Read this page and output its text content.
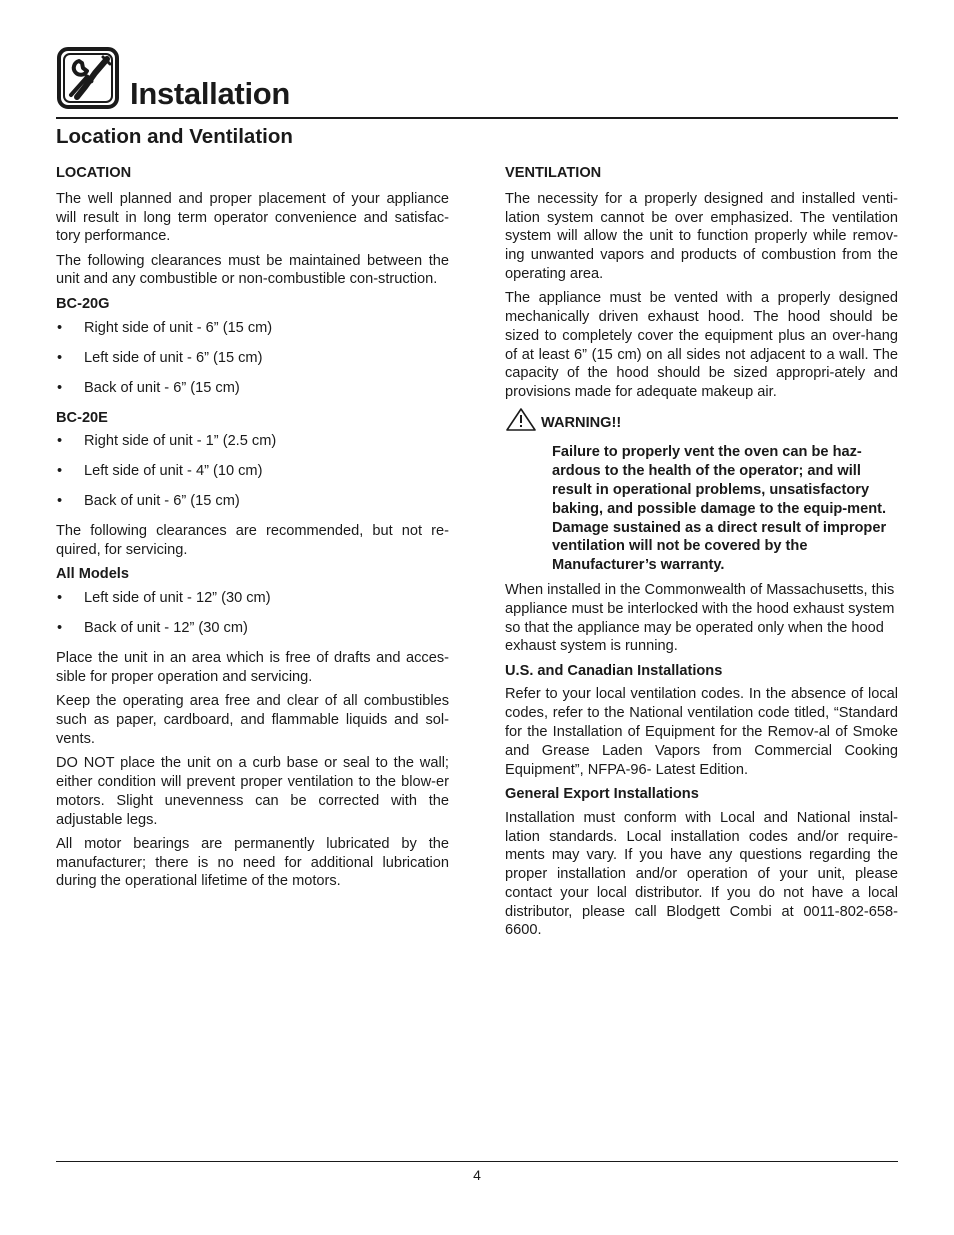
Installation
Location and Ventilation
LOCATION

The well planned and proper placement of your appliance will result in long term operator convenience and satisfac-tory performance.

The following clearances must be maintained between the unit and any combustible or non-combustible con-struction.

BC-20G
• Right side of unit - 6” (15 cm)
• Left side of unit - 6” (15 cm)
• Back of unit - 6” (15 cm)
BC-20E
• Right side of unit - 1” (2.5 cm)
• Left side of unit - 4” (10 cm)
• Back of unit - 6” (15 cm)

The following clearances are recommended, but not re-quired, for servicing.

All Models
• Left side of unit - 12” (30 cm)
• Back of unit - 12” (30 cm)

Place the unit in an area which is free of drafts and acces-sible for proper operation and servicing.

Keep the operating area free and clear of all combustibles such as paper, cardboard, and flammable liquids and sol-vents.

DO NOT place the unit on a curb base or seal to the wall; either condition will prevent proper ventilation to the blow-er motors. Slight unevenness can be corrected with the adjustable legs.

All motor bearings are permanently lubricated by the manufacturer; there is no need for additional lubrication during the operational lifetime of the motors.

VENTILATION

The necessity for a properly designed and installed venti-lation system cannot be over emphasized. The ventilation system will allow the unit to function properly while remov-ing unwanted vapors and products of combustion from the operating area.

The appliance must be vented with a properly designed mechanically driven exhaust hood. The hood should be sized to completely cover the equipment plus an over-hang of at least 6” (15 cm) on all sides not adjacent to a wall. The capacity of the hood should be sized appropri-ately and provisions made for adequate makeup air.

WARNING!!

Failure to properly vent the oven can be haz-ardous to the health of the operator; and will result in operational problems, unsatisfactory baking, and possible damage to the equip-ment. Damage sustained as a direct result of improper ventilation will not be covered by the Manufacturer’s warranty.

When installed in the Commonwealth of Massachusetts, this appliance must be interlocked with the hood exhaust system so that the appliance may be operated only when the hood exhaust system is running.

U.S. and Canadian Installations

Refer to your local ventilation codes. In the absence of local codes, refer to the National ventilation code titled, “Standard for the Installation of Equipment for the Remov-al of Smoke and Grease Laden Vapors from Commercial Cooking Equipment”, NFPA-96- Latest Edition.

General Export Installations

Installation must conform with Local and National instal-lation standards. Local installation codes and/or require-ments may vary. If you have any questions regarding the proper installation and/or operation of your unit, please contact your local distributor. If you do not have a local distributor, please call Blodgett Combi at 0011-802-658-6600.

4
